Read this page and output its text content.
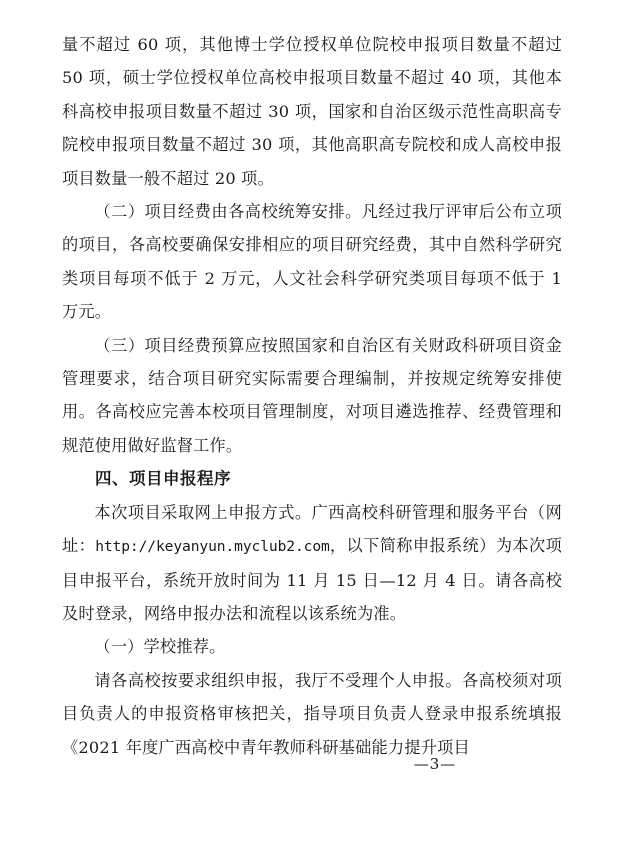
量不超过 60 项，其他博士学位授权单位院校申报项目数量不超过 50 项，硕士学位授权单位高校申报项目数量不超过 40 项，其他本科高校申报项目数量不超过 30 项，国家和自治区级示范性高职高专院校申报项目数量不超过 30 项，其他高职高专院校和成人高校申报项目数量一般不超过 20 项。

（二）项目经费由各高校统筹安排。凡经过我厅评审后公布立项的项目，各高校要确保安排相应的项目研究经费，其中自然科学研究类项目每项不低于 2 万元，人文社会科学研究类项目每项不低于 1 万元。

（三）项目经费预算应按照国家和自治区有关财政科研项目资金管理要求，结合项目研究实际需要合理编制，并按规定统筹安排使用。各高校应完善本校项目管理制度，对项目遴选推荐、经费管理和规范使用做好监督工作。

四、项目申报程序

本次项目采取网上申报方式。广西高校科研管理和服务平台（网址：http://keyanyun.myclub2.com，以下简称申报系统）为本次项目申报平台，系统开放时间为 11 月 15 日—12 月 4 日。请各高校及时登录，网络申报办法和流程以该系统为准。

（一）学校推荐。

请各高校按要求组织申报，我厅不受理个人申报。各高校须对项目负责人的申报资格审核把关，指导项目负责人登录申报系统填报《2021 年度广西高校中青年教师科研基础能力提升项目

—3—
